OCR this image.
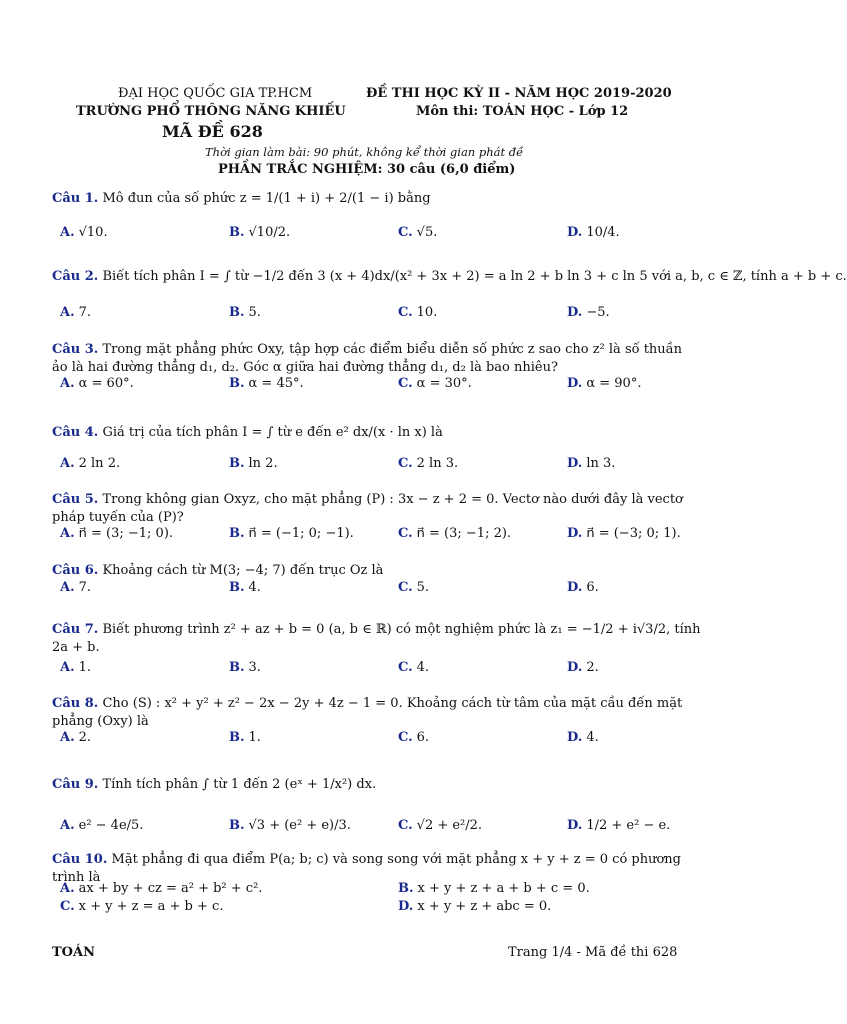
ĐẠI HỌC QUỐC GIA TP.HCM
TRƯỜNG PHỔ THÔNG NĂNG KHIẾU
MÃ ĐỀ 628
ĐỀ THI HỌC KỲ II - NĂM HỌC 2019-2020
Môn thi: TOÁN HỌC - Lớp 12
Thời gian làm bài: 90 phút, không kể thời gian phát đề
PHẦN TRẮC NGHIỆM: 30 câu (6,0 điểm)
Câu 1. Mô đun của số phức z = 1/(1 + i) + 2/(1 − i) bằng
A. √10.	B. √10/2.	C. √5.	D. 10/4.
Câu 2. Biết tích phân I = ∫ từ −1/2 đến 3 (x + 4)dx/(x² + 3x + 2) = a ln 2 + b ln 3 + c ln 5 với a, b, c ∈ ℤ, tính a + b + c.
A. 7.	B. 5.	C. 10.	D. −5.
Câu 3. Trong mặt phẳng phức Oxy, tập hợp các điểm biểu diễn số phức z sao cho z² là số thuần
ảo là hai đường thẳng d₁, d₂. Góc α giữa hai đường thẳng d₁, d₂ là bao nhiêu?
A. α = 60°.	B. α = 45°.	C. α = 30°.	D. α = 90°.
Câu 4. Giá trị của tích phân I = ∫ từ e đến e² dx/(x · ln x) là
A. 2 ln 2.	B. ln 2.	C. 2 ln 3.	D. ln 3.
Câu 5. Trong không gian Oxyz, cho mặt phẳng (P) : 3x − z + 2 = 0. Vectơ nào dưới đây là vectơ
pháp tuyến của (P)?
A. n⃗ = (3; −1; 0).	B. n⃗ = (−1; 0; −1).	C. n⃗ = (3; −1; 2).	D. n⃗ = (−3; 0; 1).
Câu 6. Khoảng cách từ M(3; −4; 7) đến trục Oz là
A. 7.	B. 4.	C. 5.	D. 6.
Câu 7. Biết phương trình z² + az + b = 0 (a, b ∈ ℝ) có một nghiệm phức là z₁ = −1/2 + i√3/2, tính
2a + b.
A. 1.	B. 3.	C. 4.	D. 2.
Câu 8. Cho (S) : x² + y² + z² − 2x − 2y + 4z − 1 = 0. Khoảng cách từ tâm của mặt cầu đến mặt
phẳng (Oxy) là
A. 2.	B. 1.	C. 6.	D. 4.
Câu 9. Tính tích phân ∫ từ 1 đến 2 (eˣ + 1/x²) dx.
A. e² − 4e/5.	B. √3 + (e² + e)/3.	C. √2 + e²/2.	D. 1/2 + e² − e.
Câu 10. Mặt phẳng đi qua điểm P(a; b; c) và song song với mặt phẳng x + y + z = 0 có phương
trình là
A. ax + by + cz = a² + b² + c².	B. x + y + z + a + b + c = 0.
C. x + y + z = a + b + c.	D. x + y + z + abc = 0.
TOÁN	Trang 1/4 - Mã đề thi 628
